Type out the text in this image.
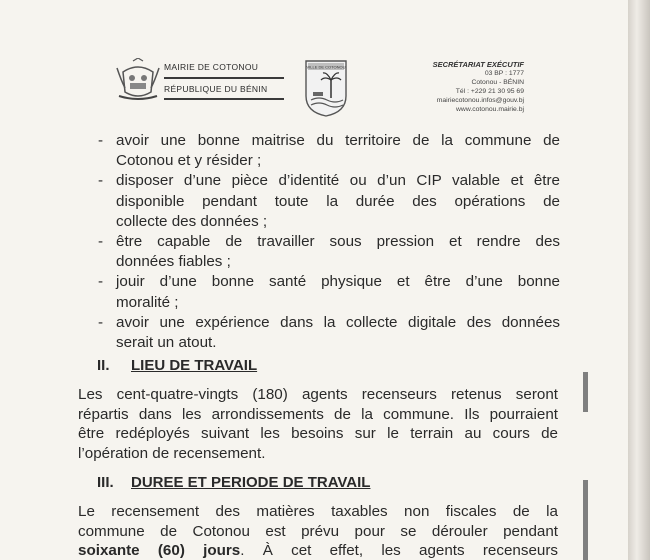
MAIRIE DE COTONOU
RÉPUBLIQUE DU BÉNIN
VILLE DE COTONOU	SECRÉTARIAT EXÉCUTIF
03 BP : 1777
Cotonou - BÉNIN
Tél : +229 21 30 95 69
mairiecotonou.infos@gouv.bj
www.cotonou.mairie.bj
- avoir une bonne maitrise du territoire de la commune de
Cotonou et y résider ;
- disposer d’une pièce d’identité ou d’un CIP valable et être
disponible pendant toute la durée des opérations de
collecte des données ;
- être capable de travailler sous pression et rendre des
données fiables ;
- jouir d’une bonne santé physique et être d’une bonne
moralité ;
- avoir une expérience dans la collecte digitale des données
serait un atout.
II. LIEU DE TRAVAIL
Les cent-quatre-vingts (180) agents recenseurs retenus seront
répartis dans les arrondissements de la commune. Ils pourraient
être redéployés suivant les besoins sur le terrain au cours de
l’opération de recensement.
III. DUREE ET PERIODE DE TRAVAIL
Le recensement des matières taxables non fiscales de la
commune de Cotonou est prévu pour se dérouler pendant
soixante (60) jours. À cet effet, les agents recenseurs
